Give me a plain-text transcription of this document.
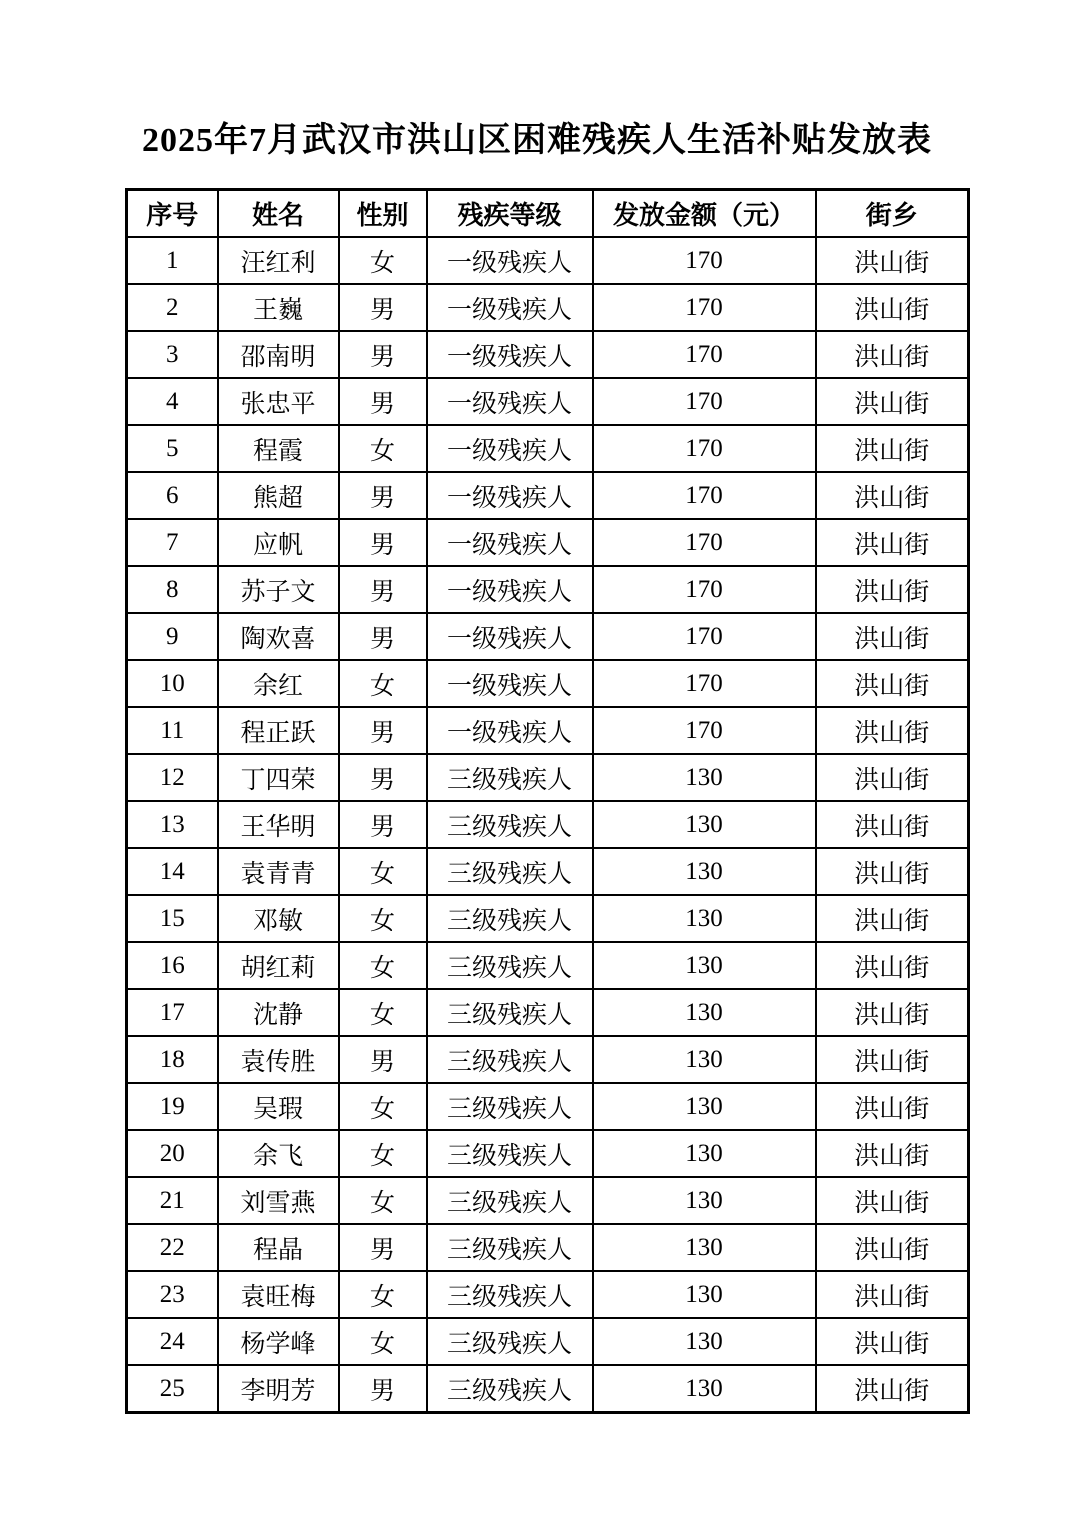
2025年7月武汉市洪山区困难残疾人生活补贴发放表
序号	姓名	性别	残疾等级	发放金额（元）	街乡
1	汪红利	女	一级残疾人	170	洪山街
2	王巍	男	一级残疾人	170	洪山街
3	邵南明	男	一级残疾人	170	洪山街
4	张忠平	男	一级残疾人	170	洪山街
5	程霞	女	一级残疾人	170	洪山街
6	熊超	男	一级残疾人	170	洪山街
7	应帆	男	一级残疾人	170	洪山街
8	苏子文	男	一级残疾人	170	洪山街
9	陶欢喜	男	一级残疾人	170	洪山街
10	余红	女	一级残疾人	170	洪山街
11	程正跃	男	一级残疾人	170	洪山街
12	丁四荣	男	三级残疾人	130	洪山街
13	王华明	男	三级残疾人	130	洪山街
14	袁青青	女	三级残疾人	130	洪山街
15	邓敏	女	三级残疾人	130	洪山街
16	胡红莉	女	三级残疾人	130	洪山街
17	沈静	女	三级残疾人	130	洪山街
18	袁传胜	男	三级残疾人	130	洪山街
19	吴瑕	女	三级残疾人	130	洪山街
20	余飞	女	三级残疾人	130	洪山街
21	刘雪燕	女	三级残疾人	130	洪山街
22	程晶	男	三级残疾人	130	洪山街
23	袁旺梅	女	三级残疾人	130	洪山街
24	杨学峰	女	三级残疾人	130	洪山街
25	李明芳	男	三级残疾人	130	洪山街
